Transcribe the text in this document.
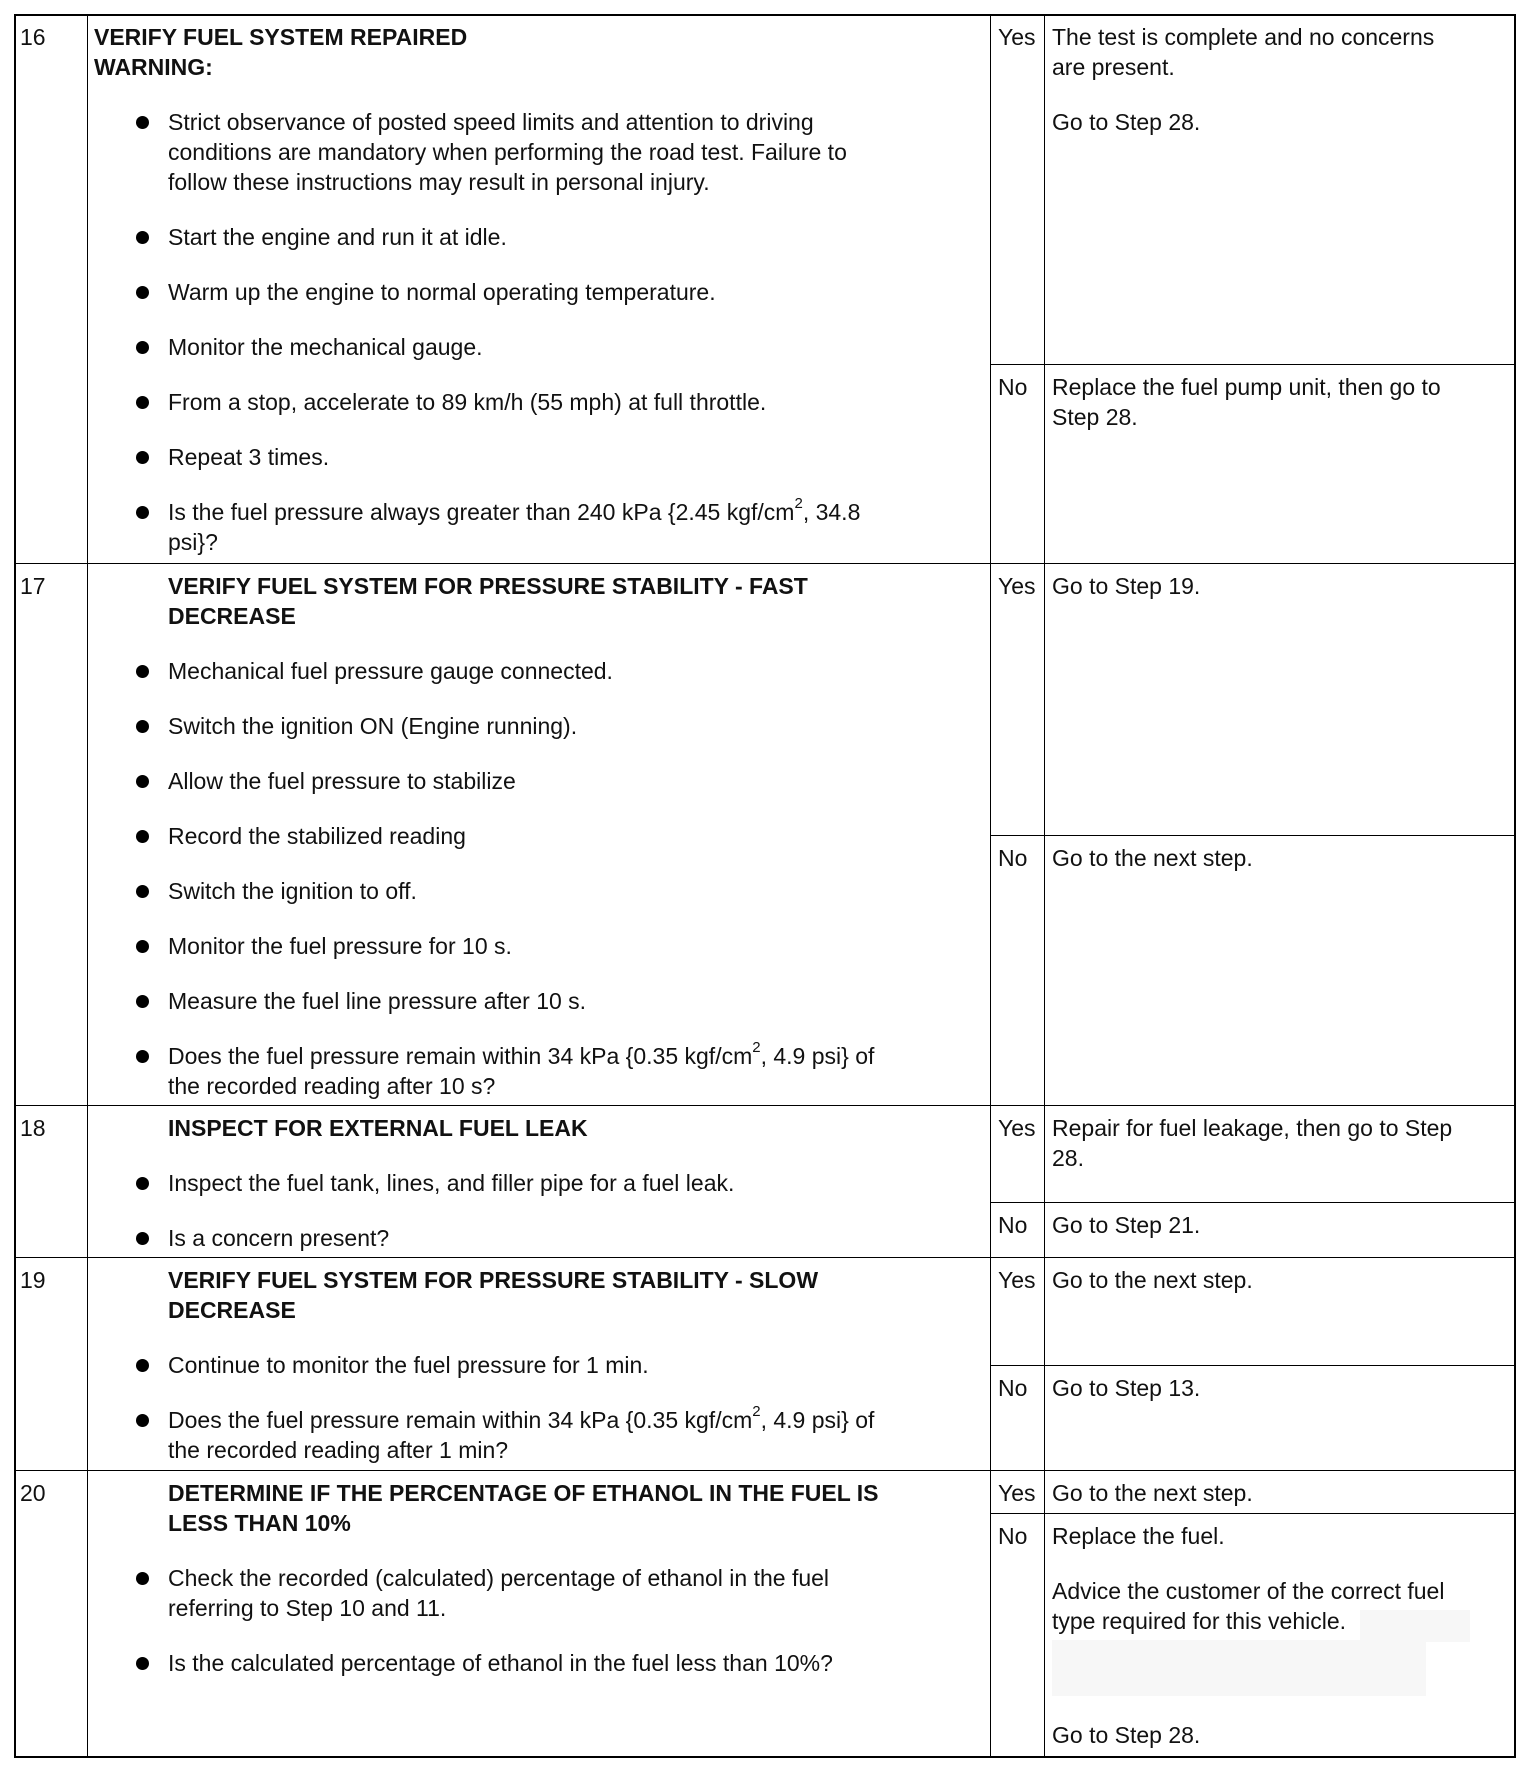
16 VERIFY FUEL SYSTEM REPAIRED
WARNING:
Strict observance of posted speed limits and attention to driving
conditions are mandatory when performing the road test. Failure to
follow these instructions may result in personal injury.
Start the engine and run it at idle.
Warm up the engine to normal operating temperature.
Monitor the mechanical gauge.
From a stop, accelerate to 89 km/h (55 mph) at full throttle.
Repeat 3 times.
Is the fuel pressure always greater than 240 kPa {2.45 kgf/$cm^2$, 34.8
psi}?
Yes The test is complete and no concerns
are present.
Go to Step 28.
No Replace the fuel pump unit, then go to
Step 28.
17	VERIFY FUEL SYSTEM FOR PRESSURE STABILITY - FAST
DECREASE
Mechanical fuel pressure gauge connected.
Switch the ignition ON (Engine running).
Allow the fuel pressure to stabilize
Record the stabilized reading
Switch the ignition to off.
Monitor the fuel pressure for 10 s.
Measure the fuel line pressure after 10 s.
Does the fuel pressure remain within 34 kPa {0.35 kgf/$cm^2$, 4.9 psi} of
the recorded reading after 10 s?
Yes Go to Step 19.
No Go to the next step.
18	INSPECT FOR EXTERNAL FUEL LEAK
Inspect the fuel tank, lines, and filler pipe for a fuel leak.
Is a concern present?
Yes Repair for fuel leakage, then go to Step
28.
No Go to Step 21.
19	VERIFY FUEL SYSTEM FOR PRESSURE STABILITY - SLOW
DECREASE
Continue to monitor the fuel pressure for 1 min.
Does the fuel pressure remain within 34 kPa {0.35 kgf/$cm^2$, 4.9 psi} of
the recorded reading after 1 min?
Yes Go to the next step.
No Go to Step 13.
20	DETERMINE IF THE PERCENTAGE OF ETHANOL IN THE FUEL IS
LESS THAN 10%
Check the recorded (calculated) percentage of ethanol in the fuel
referring to Step 10 and 11.
Is the calculated percentage of ethanol in the fuel less than 10%?
Yes Go to the next step.
No Replace the fuel.
Advice the customer of the correct fuel
type required for this vehicle.
Go to Step 28.
